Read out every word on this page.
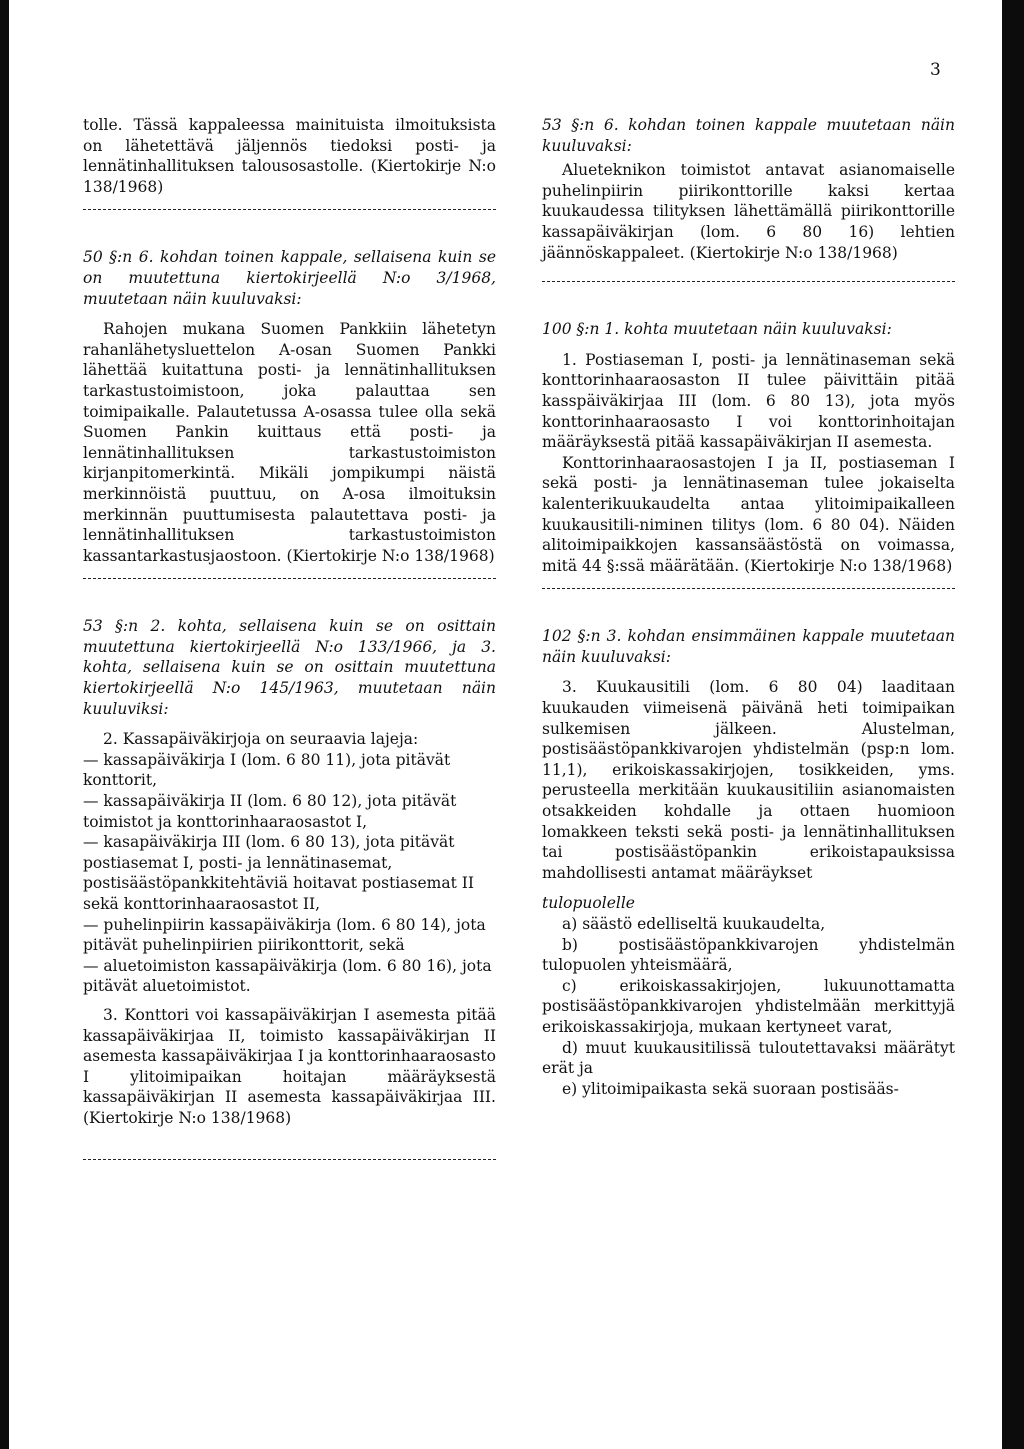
3

tolle. Tässä kappaleessa mainituista ilmoituksista on lähetettävä jäljennös tiedoksi posti- ja lennätinhallituksen talousosastolle. (Kiertokirje N:o 138/1968)

50 §:n 6. kohdan toinen kappale, sellaisena kuin se on muutettuna kiertokirjeellä N:o 3/1968, muutetaan näin kuuluvaksi:

Rahojen mukana Suomen Pankkiin lähetetyn rahanlähetysluettelon A-osan Suomen Pankki lähettää kuitattuna posti- ja lennätinhallituksen tarkastustoimistoon, joka palauttaa sen toimipaikalle. Palautetussa A-osassa tulee olla sekä Suomen Pankin kuittaus että posti- ja lennätinhallituksen tarkastustoimiston kirjanpitomerkintä. Mikäli jompikumpi näistä merkinnöistä puuttuu, on A-osa ilmoituksin merkinnän puuttumisesta palautettava posti- ja lennätinhallituksen tarkastustoimiston kassantarkastusjaostoon. (Kiertokirje N:o 138/1968)

53 §:n 2. kohta, sellaisena kuin se on osittain muutettuna kiertokirjeellä N:o 133/1966, ja 3. kohta, sellaisena kuin se on osittain muutettuna kiertokirjeellä N:o 145/1963, muutetaan näin kuuluviksi:

2. Kassapäiväkirjoja on seuraavia lajeja:

— kassapäiväkirja I (lom. 6 80 11), jota pitävät konttorit,

— kassapäiväkirja II (lom. 6 80 12), jota pitävät toimistot ja konttorinhaaraosastot I,

— kasapäiväkirja III (lom. 6 80 13), jota pitävät postiasemat I, posti- ja lennätinasemat, postisäästöpankkitehtäviä hoitavat postiasemat II sekä konttorinhaaraosastot II,

— puhelinpiirin kassapäiväkirja (lom. 6 80 14), jota pitävät puhelinpiirien piirikonttorit, sekä

— aluetoimiston kassapäiväkirja (lom. 6 80 16), jota pitävät aluetoimistot.

3. Konttori voi kassapäiväkirjan I asemesta pitää kassapäiväkirjaa II, toimisto kassapäiväkirjan II asemesta kassapäiväkirjaa I ja konttorinhaaraosasto I ylitoimipaikan hoitajan määräyksestä kassapäiväkirjan II asemesta kassapäiväkirjaa III. (Kiertokirje N:o 138/1968)

53 §:n 6. kohdan toinen kappale muutetaan näin kuuluvaksi:

Alueteknikon toimistot antavat asianomaiselle puhelinpiirin piirikonttorille kaksi kertaa kuukaudessa tilityksen lähettämällä piirikonttorille kassapäiväkirjan (lom. 6 80 16) lehtien jäännöskappaleet. (Kiertokirje N:o 138/1968)

100 §:n 1. kohta muutetaan näin kuuluvaksi:

1. Postiaseman I, posti- ja lennätinaseman sekä konttorinhaaraosaston II tulee päivittäin pitää kasspäiväkirjaa III (lom. 6 80 13), jota myös konttorinhaaraosasto I voi konttorinhoitajan määräyksestä pitää kassapäiväkirjan II asemesta.

Konttorinhaaraosastojen I ja II, postiaseman I sekä posti- ja lennätinaseman tulee jokaiselta kalenterikuukaudelta antaa ylitoimipaikalleen kuukausitili-niminen tilitys (lom. 6 80 04). Näiden alitoimipaikkojen kassansäästöstä on voimassa, mitä 44 §:ssä määrätään. (Kiertokirje N:o 138/1968)

102 §:n 3. kohdan ensimmäinen kappale muutetaan näin kuuluvaksi:

3. Kuukausitili (lom. 6 80 04) laaditaan kuukauden viimeisenä päivänä heti toimipaikan sulkemisen jälkeen. Alustelman, postisäästöpankkivarojen yhdistelmän (psp:n lom. 11,1), erikoiskassakirjojen, tosikkeiden, yms. perusteella merkitään kuukausitiliin asianomaisten otsakkeiden kohdalle ja ottaen huomioon lomakkeen teksti sekä posti- ja lennätinhallituksen tai postisäästöpankin erikoistapauksissa mahdollisesti antamat määräykset

tulopuolelle

a) säästö edelliseltä kuukaudelta,

b) postisäästöpankkivarojen yhdistelmän tulopuolen yhteismäärä,

c) erikoiskassakirjojen, lukuunottamatta postisäästöpankkivarojen yhdistelmään merkittyjä erikoiskassakirjoja, mukaan kertyneet varat,

d) muut kuukausitilissä tuloutettavaksi määrätyt erät ja

e) ylitoimipaikasta sekä suoraan postisääs-
